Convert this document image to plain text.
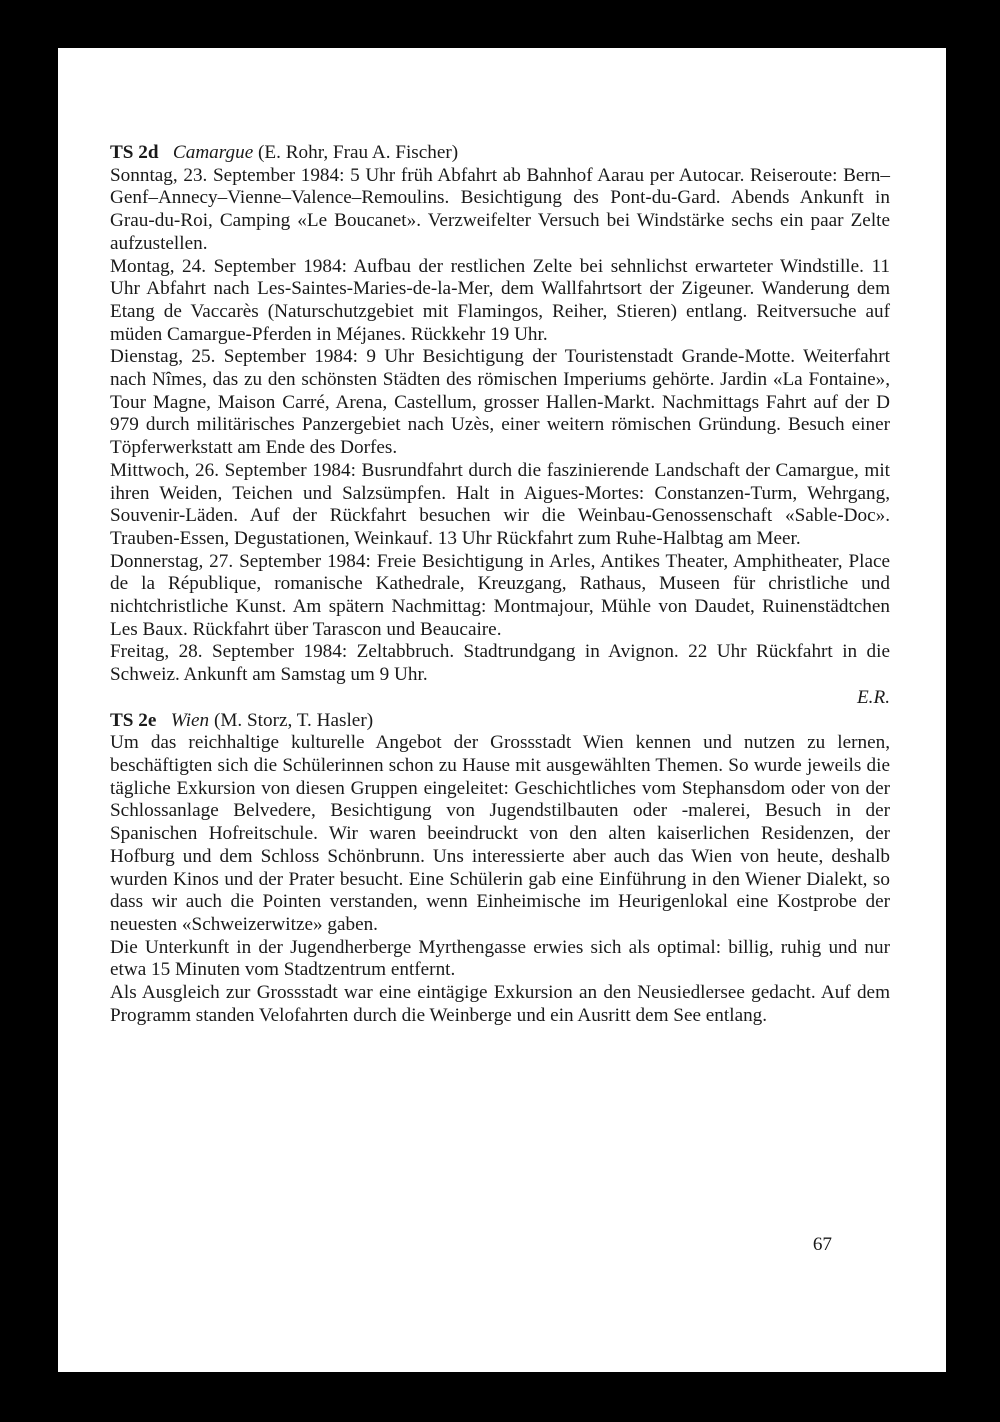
TS 2d Camargue (E. Rohr, Frau A. Fischer)

Sonntag, 23. September 1984: 5 Uhr früh Abfahrt ab Bahnhof Aarau per Autocar. Reiseroute: Bern–Genf–Annecy–Vienne–Valence–Remoulins. Besichtigung des Pont-du-Gard. Abends Ankunft in Grau-du-Roi, Camping «Le Boucanet». Verzweifelter Versuch bei Windstärke sechs ein paar Zelte aufzustellen.

Montag, 24. September 1984: Aufbau der restlichen Zelte bei sehnlichst erwarteter Windstille. 11 Uhr Abfahrt nach Les-Saintes-Maries-de-la-Mer, dem Wallfahrtsort der Zigeuner. Wanderung dem Etang de Vaccarès (Naturschutzgebiet mit Flamingos, Reiher, Stieren) entlang. Reitversuche auf müden Camargue-Pferden in Méjanes. Rückkehr 19 Uhr.

Dienstag, 25. September 1984: 9 Uhr Besichtigung der Touristenstadt Grande-Motte. Weiterfahrt nach Nîmes, das zu den schönsten Städten des römischen Imperiums gehörte. Jardin «La Fontaine», Tour Magne, Maison Carré, Arena, Castellum, grosser Hallen-Markt. Nachmittags Fahrt auf der D 979 durch militärisches Panzergebiet nach Uzès, einer weitern römischen Gründung. Besuch einer Töpferwerkstatt am Ende des Dorfes.

Mittwoch, 26. September 1984: Busrundfahrt durch die faszinierende Landschaft der Camargue, mit ihren Weiden, Teichen und Salzsümpfen. Halt in Aigues-Mortes: Constanzen-Turm, Wehrgang, Souvenir-Läden. Auf der Rückfahrt besuchen wir die Weinbau-Genossenschaft «Sable-Doc». Trauben-Essen, Degustationen, Weinkauf. 13 Uhr Rückfahrt zum Ruhe-Halbtag am Meer.

Donnerstag, 27. September 1984: Freie Besichtigung in Arles, Antikes Theater, Amphitheater, Place de la République, romanische Kathedrale, Kreuzgang, Rathaus, Museen für christliche und nichtchristliche Kunst. Am spätern Nachmittag: Montmajour, Mühle von Daudet, Ruinenstädtchen Les Baux. Rückfahrt über Tarascon und Beaucaire.

Freitag, 28. September 1984: Zeltabbruch. Stadtrundgang in Avignon. 22 Uhr Rückfahrt in die Schweiz. Ankunft am Samstag um 9 Uhr.

E.R.

TS 2e Wien (M. Storz, T. Hasler)

Um das reichhaltige kulturelle Angebot der Grossstadt Wien kennen und nutzen zu lernen, beschäftigten sich die Schülerinnen schon zu Hause mit ausgewählten Themen. So wurde jeweils die tägliche Exkursion von diesen Gruppen eingeleitet: Geschichtliches vom Stephansdom oder von der Schlossanlage Belvedere, Besichtigung von Jugendstilbauten oder -malerei, Besuch in der Spanischen Hofreitschule. Wir waren beeindruckt von den alten kaiserlichen Residenzen, der Hofburg und dem Schloss Schönbrunn. Uns interessierte aber auch das Wien von heute, deshalb wurden Kinos und der Prater besucht. Eine Schülerin gab eine Einführung in den Wiener Dialekt, so dass wir auch die Pointen verstanden, wenn Einheimische im Heurigenlokal eine Kostprobe der neuesten «Schweizerwitze» gaben.

Die Unterkunft in der Jugendherberge Myrthengasse erwies sich als optimal: billig, ruhig und nur etwa 15 Minuten vom Stadtzentrum entfernt.

Als Ausgleich zur Grossstadt war eine eintägige Exkursion an den Neusiedlersee gedacht. Auf dem Programm standen Velofahrten durch die Weinberge und ein Ausritt dem See entlang.

67
